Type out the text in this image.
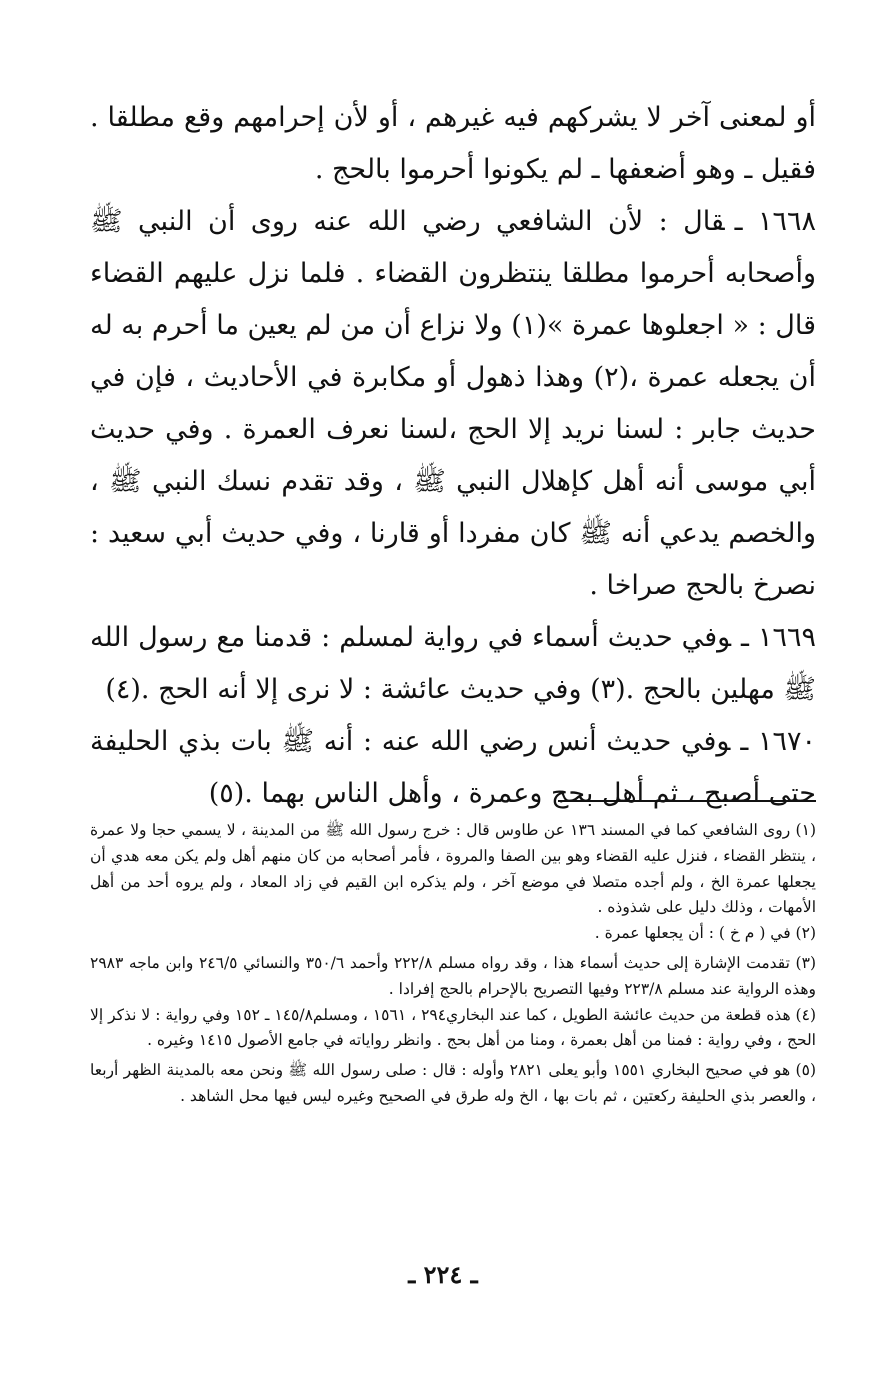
أو لمعنى آخر لا يشركهم فيه غيرهم ، أو لأن إحرامهم وقع مطلقا . فقيل ـ وهو أضعفها ـ لم يكونوا أحرموا بالحج .

١٦٦٨ ـقال : لأن الشافعي رضي الله عنه روى أن النبي ﷺ وأصحابه أحرموا مطلقا ينتظرون القضاء . فلما نزل عليهم القضاء قال : « اجعلوها عمرة »(١) ولا نزاع أن من لم يعين ما أحرم به له أن يجعله عمرة ،(٢) وهذا ذهول أو مكابرة في الأحاديث ، فإن في حديث جابر : لسنا نريد إلا الحج ،لسنا نعرف العمرة . وفي حديث أبي موسى أنه أهل كإهلال النبي ﷺ ، وقد تقدم نسك النبي ﷺ ، والخصم يدعي أنه ﷺ كان مفردا أو قارنا ، وفي حديث أبي سعيد : نصرخ بالحج صراخا .

١٦٦٩ ـوفي حديث أسماء في رواية لمسلم : قدمنا مع رسول الله ﷺ مهلين بالحج .(٣) وفي حديث عائشة : لا نرى إلا أنه الحج .(٤)

١٦٧٠ ـوفي حديث أنس رضي الله عنه : أنه ﷺ بات بذي الحليفة حتى أصبح ، ثم أهل بحج وعمرة ، وأهل الناس بهما .(٥)

(١) روى الشافعي كما في المسند ١٣٦ عن طاوس قال : خرج رسول الله ﷺ من المدينة ، لا يسمي حجا ولا عمرة ، ينتظر القضاء ، فنزل عليه القضاء وهو بين الصفا والمروة ، فأمر أصحابه من كان منهم أهل ولم يكن معه هدي أن يجعلها عمرة الخ ، ولم أجده متصلا في موضع آخر ، ولم يذكره ابن القيم في زاد المعاد ، ولم يروه أحد من أهل الأمهات ، وذلك دليل على شذوذه .

(٢) في ( م خ ) : أن يجعلها عمرة .

(٣) تقدمت الإشارة إلى حديث أسماء هذا ، وقد رواه مسلم ٢٢٢/٨ وأحمد ٣٥٠/٦ والنسائي ٢٤٦/٥ وابن ماجه ٢٩٨٣ وهذه الرواية عند مسلم ٢٢٣/٨ وفيها التصريح بالإحرام بالحج إفرادا .

(٤) هذه قطعة من حديث عائشة الطويل ، كما عند البخاري٢٩٤ ، ١٥٦١ ، ومسلم١٤٥/٨ ـ ١٥٢ وفي رواية : لا نذكر إلا الحج ، وفي رواية : فمنا من أهل بعمرة ، ومنا من أهل بحج . وانظر رواياته في جامع الأصول ١٤١٥ وغيره .

(٥) هو في صحيح البخاري ١٥٥١ وأبو يعلى ٢٨٢١ وأوله : قال : صلى رسول الله ﷺ ونحن معه بالمدينة الظهر أربعا ، والعصر بذي الحليفة ركعتين ، ثم بات بها ، الخ وله طرق في الصحيح وغيره ليس فيها محل الشاهد .

ـ ٢٢٤ ـ
